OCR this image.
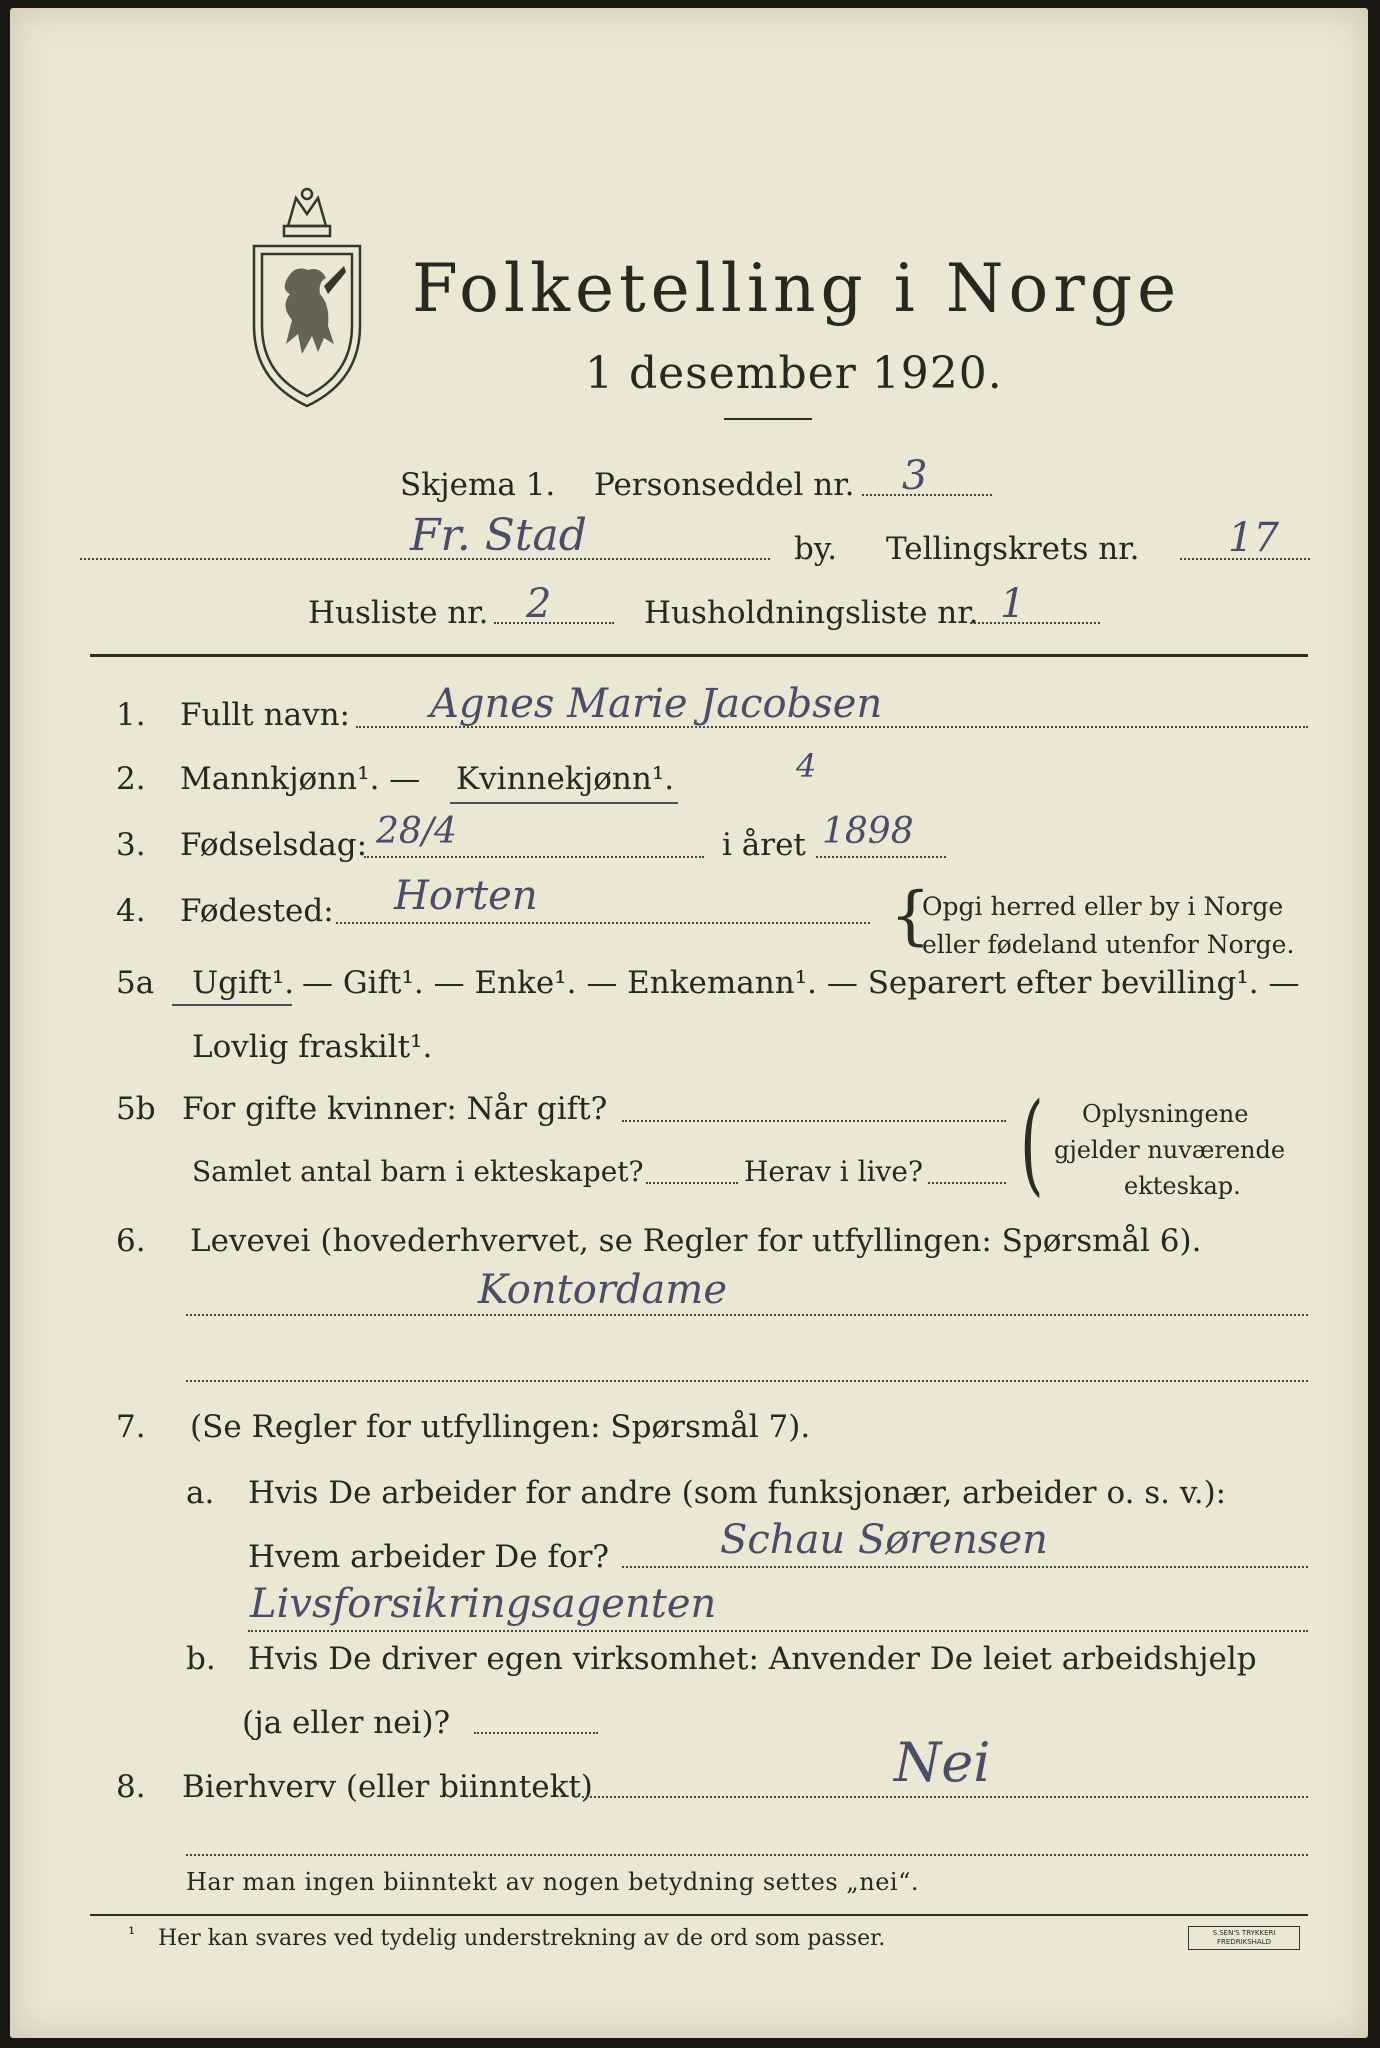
Folketelling i Norge
1 desember 1920.
Skjema 1. Personseddel nr. 3
Fr. Stad	by. Tellingskrets nr. 17
Husliste nr. 2	Husholdningsliste nr. 1
1. Fullt navn: Agnes Marie Jacobsen
2. Mannkjønn¹. — Kvinnekjønn¹.	4
3. Fødselsdag: 28/4	i året 1898
4. Fødested: Horten	{
Opgi herred eller by i Norge
eller fødeland utenfor Norge.
5a Ugift¹. — Gift¹. — Enke¹. — Enkemann¹. — Separert efter bevilling¹. —
Lovlig fraskilt¹.
5b For gifte kvinner: Når gift?
Samlet antal barn i ekteskapet?	Herav i live? ( Oplysningene
gjelder nuværende
ekteskap.
6. Levevei (hovederhvervet, se Regler for utfyllingen: Spørsmål 6).
Kontordame
7. (Se Regler for utfyllingen: Spørsmål 7).
a. Hvis De arbeider for andre (som funksjonær, arbeider o. s. v.):
Hvem arbeider De for?	Schau Sørensen
Livsforsikringsagenten
b. Hvis De driver egen virksomhet: Anvender De leiet arbeidshjelp
(ja eller nei)?
8. Bierhverv (eller biinntekt)	Nei
Har man ingen biinntekt av nogen betydning settes „nei“.
¹ Her kan svares ved tydelig understrekning av de ord som passer.	S.SEN'S TRYKKERI FREDRIKSHALD
